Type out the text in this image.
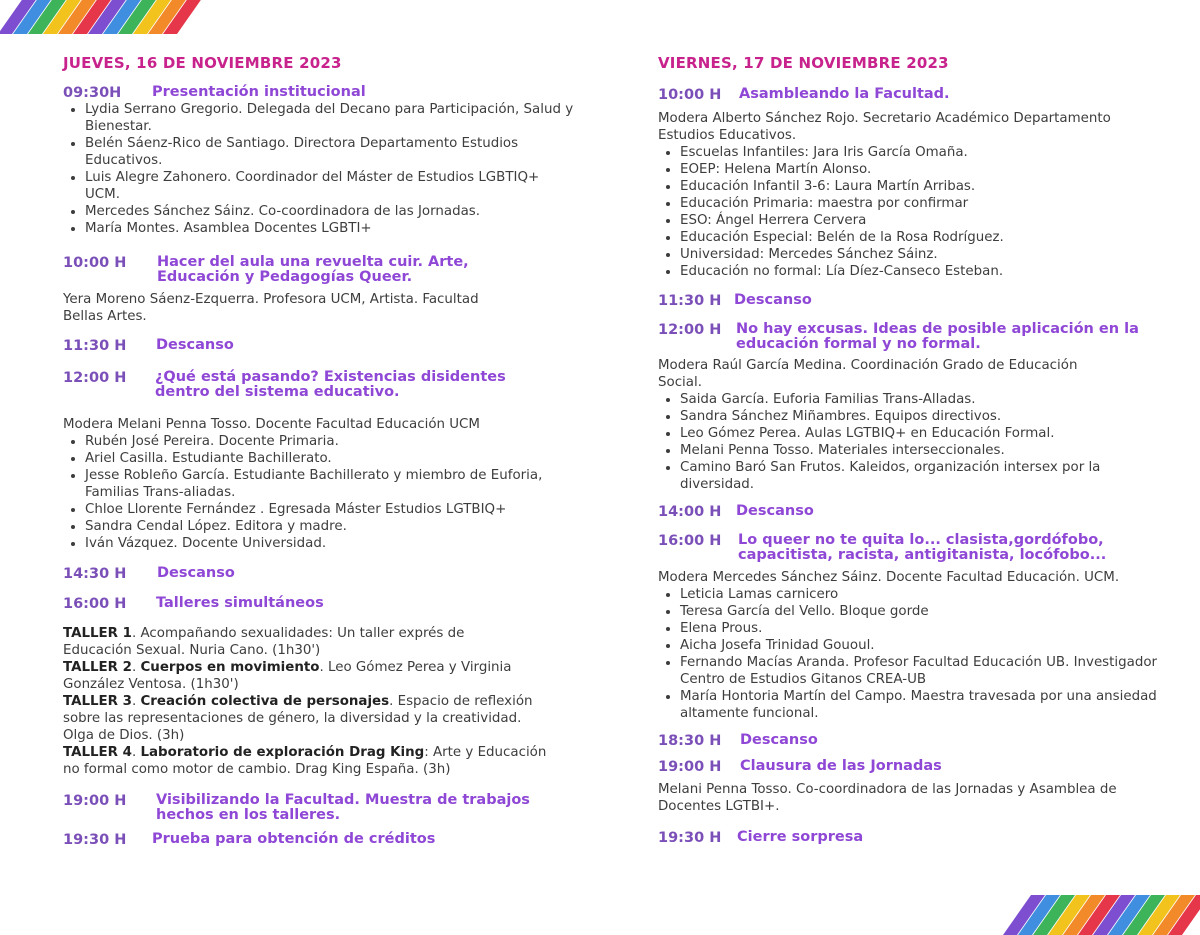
JUEVES, 16 DE NOVIEMBRE 2023
09:30H	Presentación institucional
• Lydia Serrano Gregorio. Delegada del Decano para Participación, Salud y Bienestar.
• Belén Sáenz-Rico de Santiago. Directora Departamento Estudios Educativos.
• Luis Alegre Zahonero. Coordinador del Máster de Estudios LGBTIQ+ UCM.
• Mercedes Sánchez Sáinz. Co-coordinadora de las Jornadas.
• María Montes. Asamblea Docentes LGBTI+
10:00 H	Hacer del aula una revuelta cuir. Arte, Educación y Pedagogías Queer.
Yera Moreno Sáenz-Ezquerra. Profesora UCM, Artista. Facultad Bellas Artes.
11:30 H	Descanso
12:00 H	¿Qué está pasando? Existencias disidentes dentro del sistema educativo.
Modera Melani Penna Tosso. Docente Facultad Educación UCM
• Rubén José Pereira. Docente Primaria.
• Ariel Casilla. Estudiante Bachillerato.
• Jesse Robleño García. Estudiante Bachillerato y miembro de Euforia, Familias Trans-aliadas.
• Chloe Llorente Fernández . Egresada Máster Estudios LGTBIQ+
• Sandra Cendal López. Editora y madre.
• Iván Vázquez. Docente Universidad.
14:30 H	Descanso
16:00 H	Talleres simultáneos
TALLER 1. Acompañando sexualidades: Un taller exprés de Educación Sexual. Nuria Cano. (1h30')
TALLER 2. Cuerpos en movimiento. Leo Gómez Perea y Virginia González Ventosa. (1h30')
TALLER 3. Creación colectiva de personajes. Espacio de reflexión sobre las representaciones de género, la diversidad y la creatividad. Olga de Dios. (3h)
TALLER 4. Laboratorio de exploración Drag King: Arte y Educación no formal como motor de cambio. Drag King España. (3h)
19:00 H	Visibilizando la Facultad. Muestra de trabajos hechos en los talleres.
19:30 H	Prueba para obtención de créditos
VIERNES, 17 DE NOVIEMBRE 2023
10:00 H	Asambleando la Facultad.
Modera Alberto Sánchez Rojo. Secretario Académico Departamento Estudios Educativos.
• Escuelas Infantiles: Jara Iris García Omaña.
• EOEP: Helena Martín Alonso.
• Educación Infantil 3-6: Laura Martín Arribas.
• Educación Primaria: maestra por confirmar
• ESO: Ángel Herrera Cervera
• Educación Especial: Belén de la Rosa Rodríguez.
• Universidad: Mercedes Sánchez Sáinz.
• Educación no formal: Lía Díez-Canseco Esteban.
11:30 H Descanso
12:00 H	No hay excusas. Ideas de posible aplicación en la educación formal y no formal.
Modera Raúl García Medina. Coordinación Grado de Educación Social.
• Saida García. Euforia Familias Trans-Alladas.
• Sandra Sánchez Miñambres. Equipos directivos.
• Leo Gómez Perea. Aulas LGTBIQ+ en Educación Formal.
• Melani Penna Tosso. Materiales interseccionales.
• Camino Baró San Frutos. Kaleidos, organización intersex por la diversidad.
14:00 H	Descanso
16:00 H	Lo queer no te quita lo... clasista,gordófobo, capacitista, racista, antigitanista, locófobo...
Modera Mercedes Sánchez Sáinz. Docente Facultad Educación. UCM.
• Leticia Lamas carnicero
• Teresa García del Vello. Bloque gorde
• Elena Prous.
• Aicha Josefa Trinidad Gououl.
• Fernando Macías Aranda. Profesor Facultad Educación UB. Investigador Centro de Estudios Gitanos CREA-UB
• María Hontoria Martín del Campo. Maestra travesada por una ansiedad altamente funcional.
18:30 H	Descanso
19:00 H	Clausura de las Jornadas
Melani Penna Tosso. Co-coordinadora de las Jornadas y Asamblea de Docentes LGTBI+.
19:30 H	Cierre sorpresa
